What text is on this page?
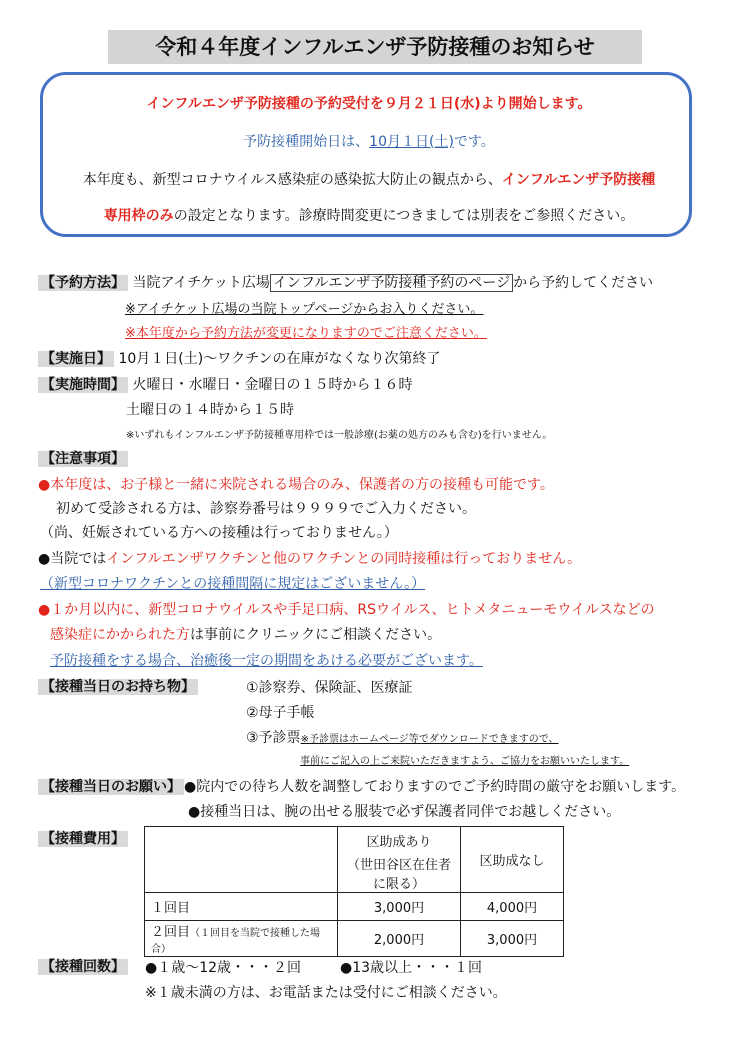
令和４年度インフルエンザ予防接種のお知らせ
インフルエンザ予防接種の予約受付を９月２１日(水)より開始します。
予防接種開始日は、10月１日(土)です。
本年度も、新型コロナウイルス感染症の感染拡大防止の観点から、インフルエンザ予防接種
専用枠のみの設定となります。診療時間変更につきましては別表をご参照ください。
【予約方法】 当院アイチケット広場 インフルエンザ予防接種予約のページ から予約してください
※アイチケット広場の当院トップページからお入りください。
※本年度から予約方法が変更になりますのでご注意ください。
【実施日】 10月１日(土)～ワクチンの在庫がなくなり次第終了
【実施時間】 火曜日・水曜日・金曜日の１５時から１６時
土曜日の１４時から１５時
※いずれもインフルエンザ予防接種専用枠では一般診療(お薬の処方のみも含む)を行いません。
【注意事項】
●本年度は、お子様と一緒に来院される場合のみ、保護者の方の接種も可能です。
初めて受診される方は、診察券番号は９９９９でご入力ください。
（尚、妊娠されている方への接種は行っておりません。）
●当院ではインフルエンザワクチンと他のワクチンとの同時接種は行っておりません。
（新型コロナワクチンとの接種間隔に規定はございません。）
●１か月以内に、新型コロナウイルスや手足口病、RSウイルス、ヒトメタニューモウイルスなどの
感染症にかかられた方は事前にクリニックにご相談ください。
予防接種をする場合、治癒後一定の期間をあける必要がございます。
【接種当日のお持ち物】	①診察券、保険証、医療証
②母子手帳
③予診票※予診票はホームページ等でダウンロードできますので、
事前にご記入の上ご来院いただきますよう、ご協力をお願いいたします。
【接種当日のお願い】 ●院内での待ち人数を調整しておりますのでご予約時間の厳守をお願いします。
●接種当日は、腕の出せる服装で必ず保護者同伴でお越しください。
【接種費用】
		区助成あり	区助成なし
	（世田谷区在住者に限る）	
１回目	3,000円	4,000円
２回目（１回目を当院で接種した場合）	2,000円	3,000円
【接種回数】 ●１歳～12歳・・・２回	●13歳以上・・・１回
※１歳未満の方は、お電話または受付にご相談ください。
